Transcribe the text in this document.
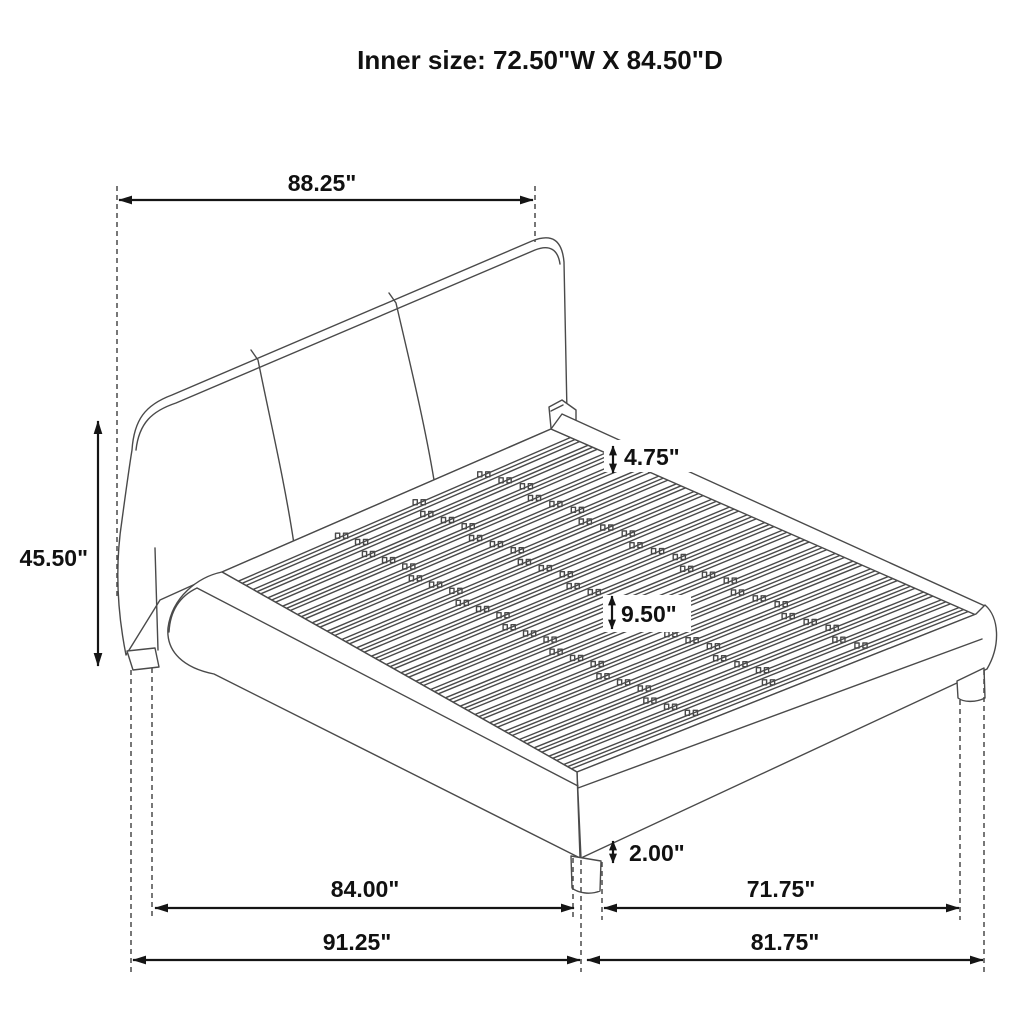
Inner size: 72.50"W X 84.50"D
88.25"
45.50"
4.75"
9.50"
2.00"
84.00"	71.75"
91.25"	81.75"
